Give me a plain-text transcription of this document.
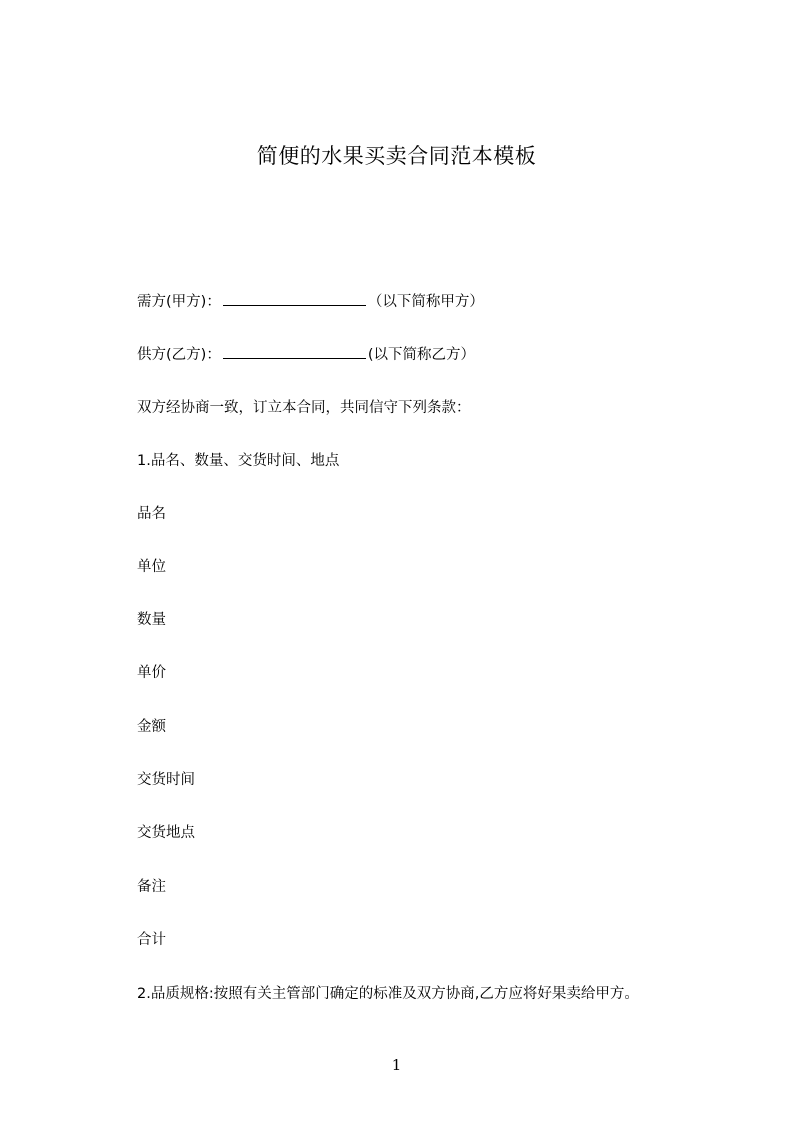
简便的水果买卖合同范本模板
需方(甲方)：	（以下简称甲方）
供方(乙方)：	(以下简称乙方）
双方经协商一致，订立本合同，共同信守下列条款：
1.品名、数量、交货时间、地点
品名
单位
数量
单价
金额
交货时间
交货地点
备注
合计
2.品质规格:按照有关主管部门确定的标准及双方协商,乙方应将好果卖给甲方。
1
